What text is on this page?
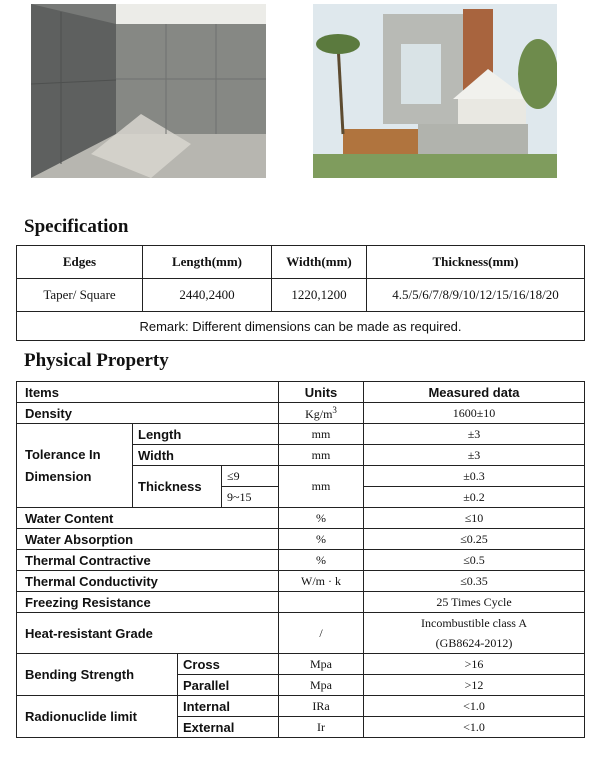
Specification
Edges	Length(mm)	Width(mm)	Thickness(mm)
Taper/ Square	2440,2400	1220,1200	4.5/5/6/7/8/9/10/12/15/16/18/20
Remark: Different dimensions can be made as required.			
Physical Property
Items				Units	Measured data
Density				$Kg/m^3$	1600±10

Tolerance In
Dimension	Length			mm	±3
	Width			mm	±3
	Thickness		≤9	mm	±0.3
			9~15		±0.2
Water Content				%	≤10
Water Absorption				%	≤0.25
Thermal Contractive				%	≤0.5
Thermal Conductivity				W/m · k	≤0.35
Freezing Resistance					25 Times Cycle
Heat-resistant Grade				/	Incombustible class A
(GB8624-2012)

Bending Strength		Cross		Mpa	>16
		Parallel		Mpa	>12
Radionuclide limit		Internal		IRa	<1.0
		External		Ir	<1.0
